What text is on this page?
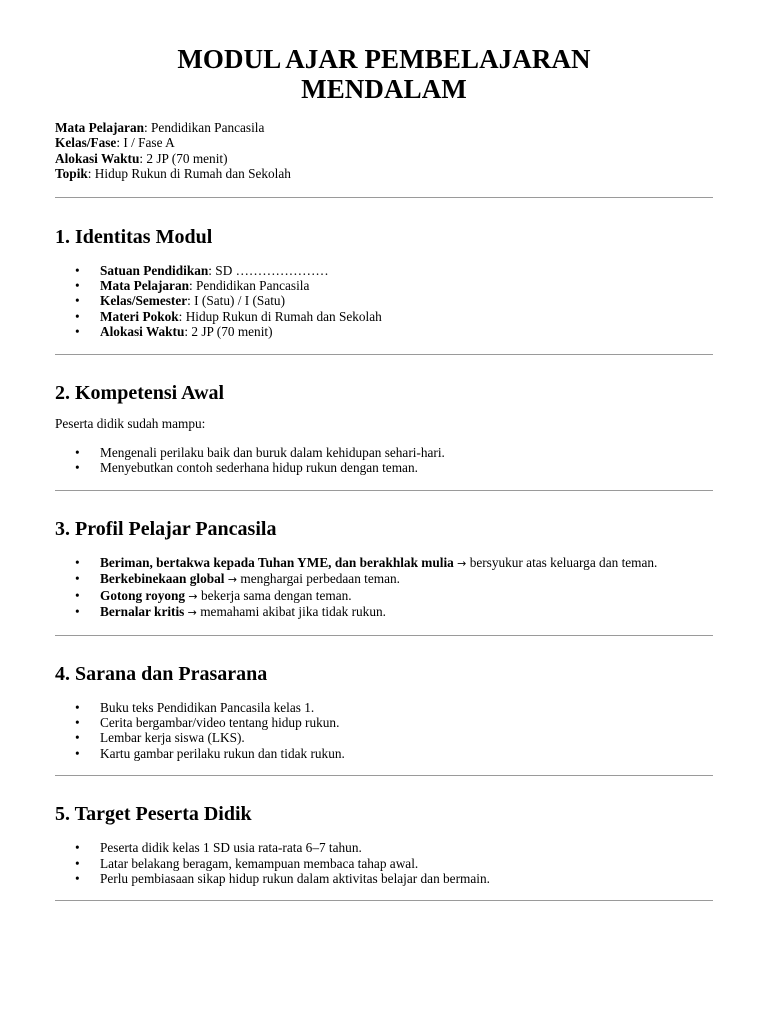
MODUL AJAR PEMBELAJARAN
MENDALAM
Mata Pelajaran: Pendidikan Pancasila
Kelas/Fase: I / Fase A
Alokasi Waktu: 2 JP (70 menit)
Topik: Hidup Rukun di Rumah dan Sekolah
1. Identitas Modul
• Satuan Pendidikan: SD …………………
• Mata Pelajaran: Pendidikan Pancasila
• Kelas/Semester: I (Satu) / I (Satu)
• Materi Pokok: Hidup Rukun di Rumah dan Sekolah
• Alokasi Waktu: 2 JP (70 menit)
2. Kompetensi Awal

Peserta didik sudah mampu:

• Mengenali perilaku baik dan buruk dalam kehidupan sehari-hari.
• Menyebutkan contoh sederhana hidup rukun dengan teman.
3. Profil Pelajar Pancasila
• Beriman, bertakwa kepada Tuhan YME, dan berakhlak mulia → bersyukur atas keluarga dan teman.
• Berkebinekaan global → menghargai perbedaan teman.
• Gotong royong → bekerja sama dengan teman.
• Bernalar kritis → memahami akibat jika tidak rukun.
4. Sarana dan Prasarana
• Buku teks Pendidikan Pancasila kelas 1.
• Cerita bergambar/video tentang hidup rukun.
• Lembar kerja siswa (LKS).
• Kartu gambar perilaku rukun dan tidak rukun.
5. Target Peserta Didik
• Peserta didik kelas 1 SD usia rata-rata 6–7 tahun.
• Latar belakang beragam, kemampuan membaca tahap awal.
• Perlu pembiasaan sikap hidup rukun dalam aktivitas belajar dan bermain.
